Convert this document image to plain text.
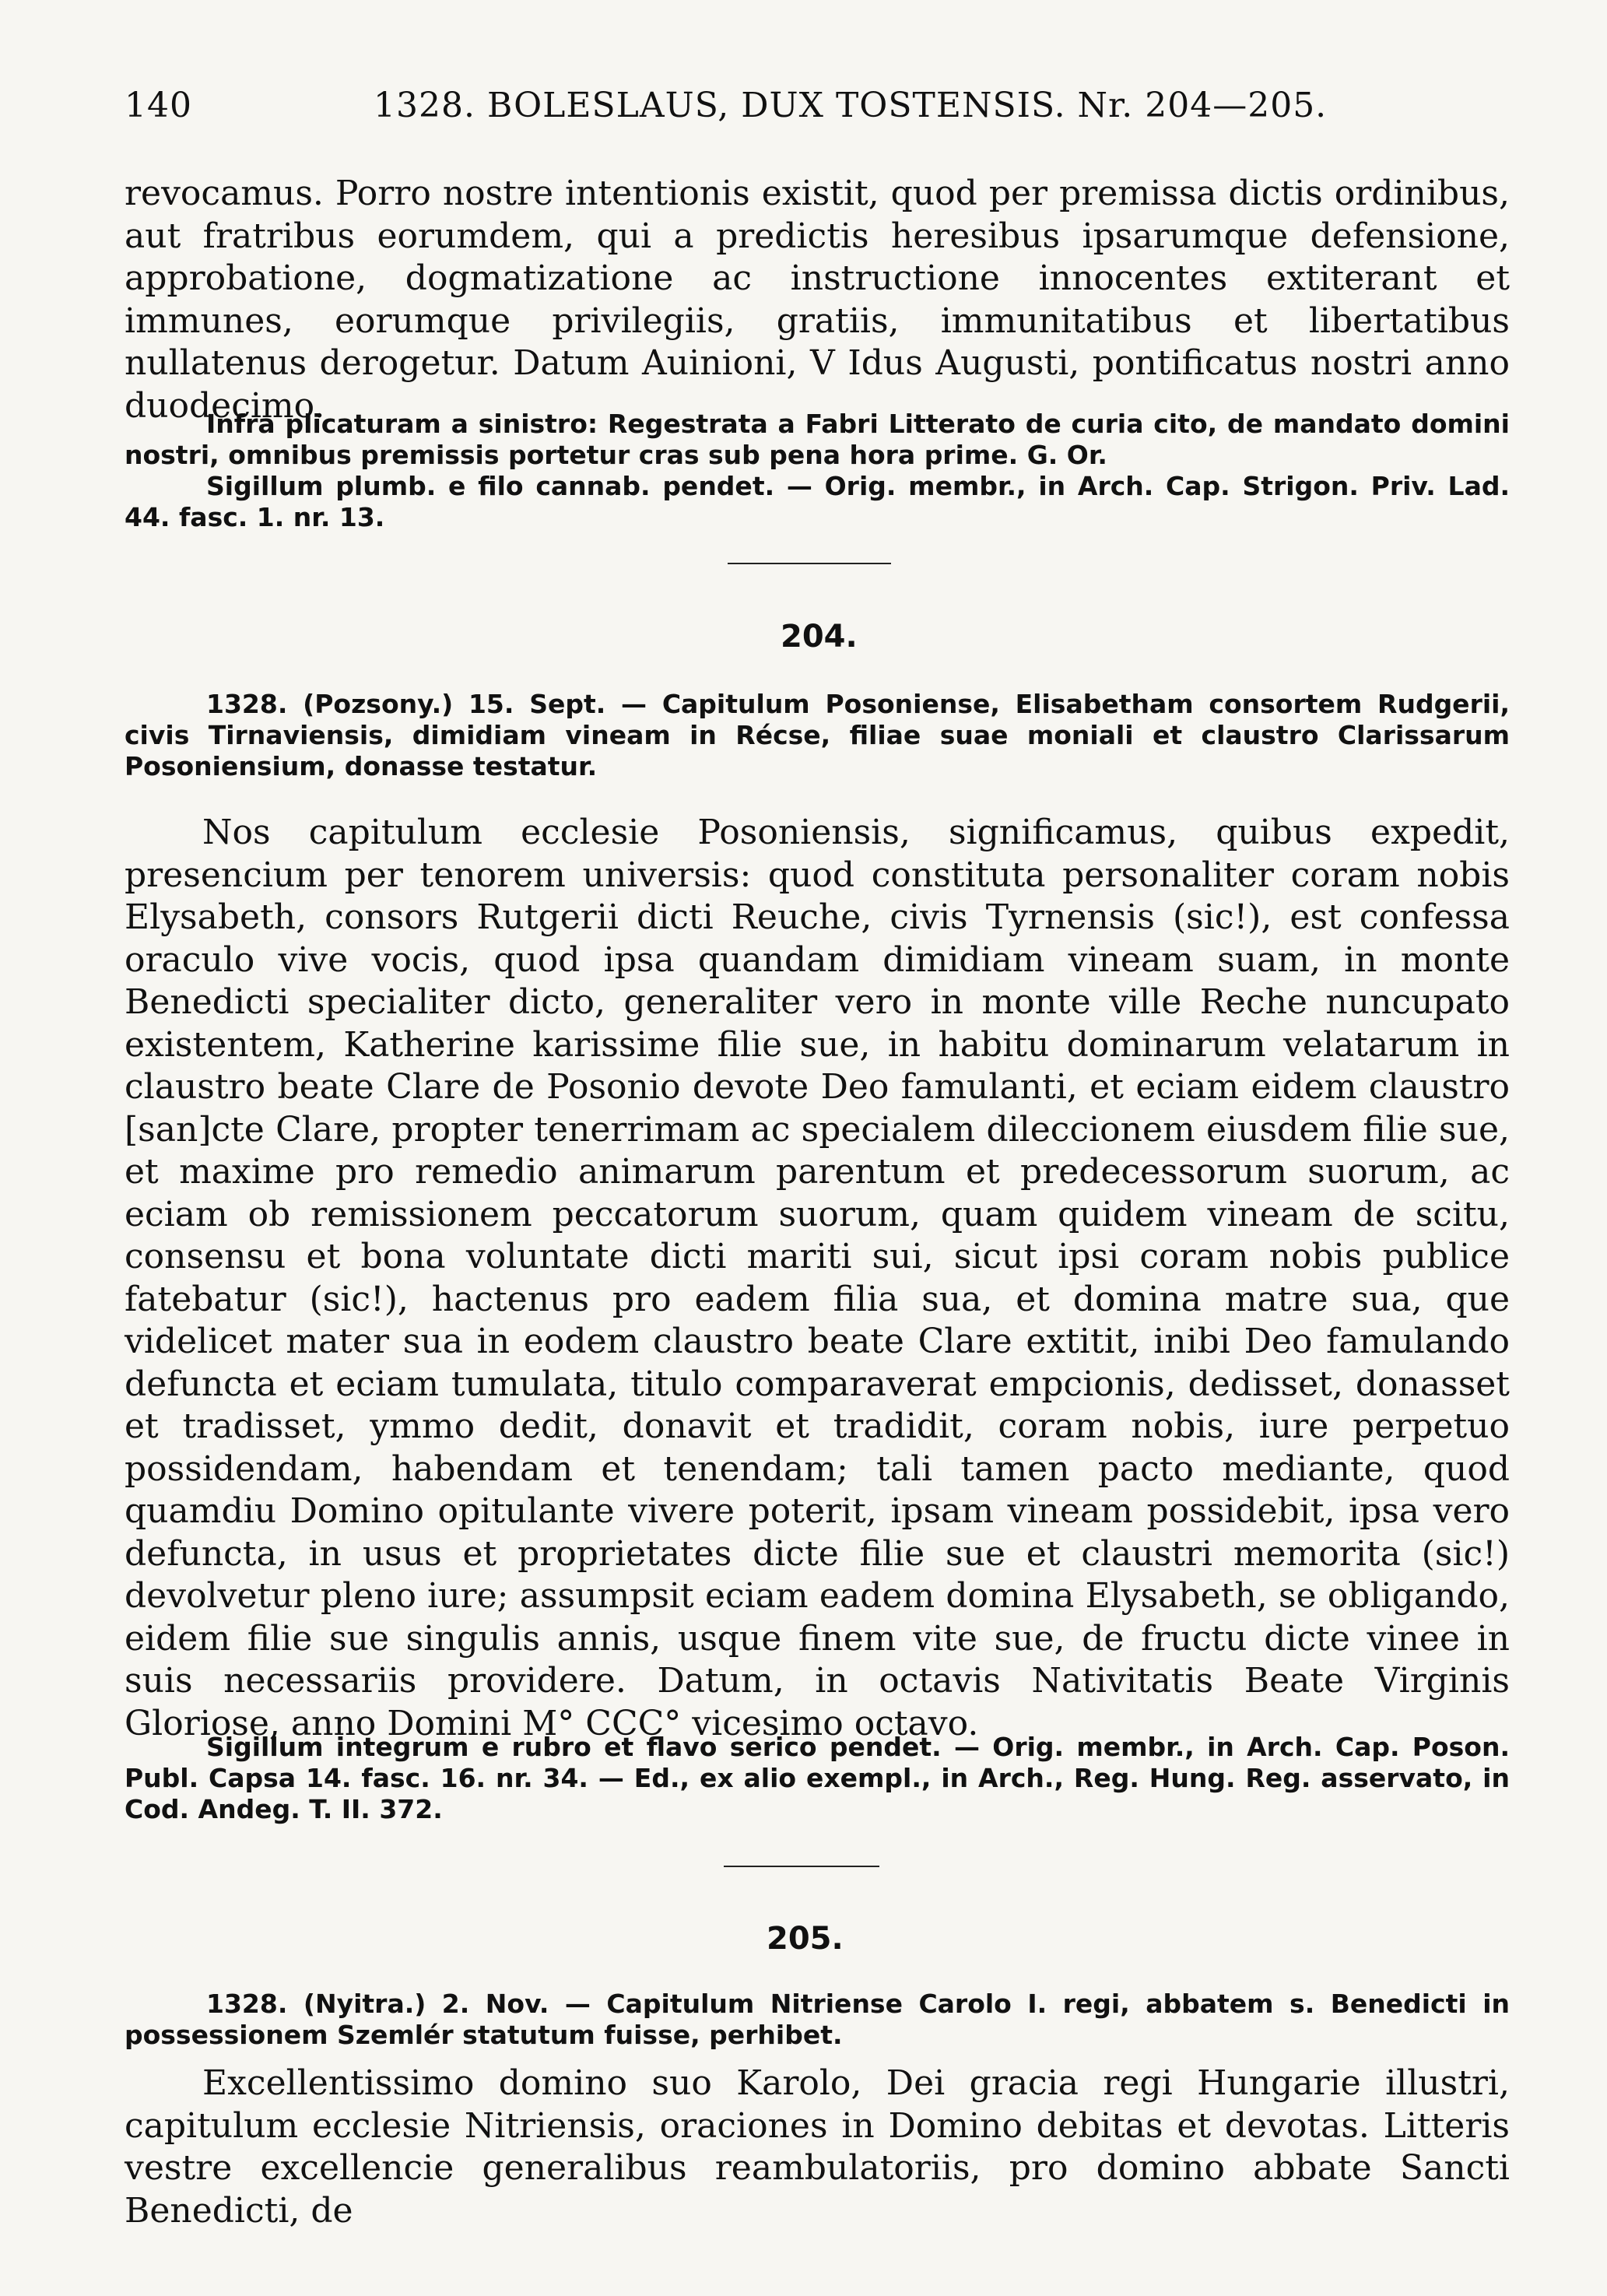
140	1328. BOLESLAUS, DUX TOSTENSIS. Nr. 204—205.

revocamus. Porro nostre intentionis existit, quod per premissa dictis ordinibus, aut fratribus eorumdem, qui a predictis heresibus ipsarumque defensione, approbatione, dogmatizatione ac instructione innocentes extiterant et immunes, eorumque privilegiis, gratiis, immunitatibus et libertatibus nullatenus derogetur. Datum Auinioni, V Idus Augusti, pontificatus nostri anno duodecimo.

Infra plicaturam a sinistro: Regestrata a Fabri Litterato de curia cito, de mandato domini nostri, omnibus premissis portetur cras sub pena hora prime. G. Or.

Sigillum plumb. e filo cannab. pendet. — Orig. membr., in Arch. Cap. Strigon. Priv. Lad. 44. fasc. 1. nr. 13.

204.

1328. (Pozsony.) 15. Sept. — Capitulum Posoniense, Elisabetham consortem Rudgerii, civis Tirnaviensis, dimidiam vineam in Récse, filiae suae moniali et claustro Clarissarum Posoniensium, donasse testatur.

Nos capitulum ecclesie Posoniensis, significamus, quibus expedit, presencium per tenorem universis: quod constituta personaliter coram nobis Elysabeth, consors Rutgerii dicti Reuche, civis Tyrnensis (sic!), est confessa oraculo vive vocis, quod ipsa quandam dimidiam vineam suam, in monte Benedicti specialiter dicto, generaliter vero in monte ville Reche nuncupato existentem, Katherine karissime filie sue, in habitu dominarum velatarum in claustro beate Clare de Posonio devote Deo famulanti, et eciam eidem claustro [san]cte Clare, propter tenerrimam ac specialem dileccionem eiusdem filie sue, et maxime pro remedio animarum parentum et predecessorum suorum, ac eciam ob remissionem peccatorum suorum, quam quidem vineam de scitu, consensu et bona voluntate dicti mariti sui, sicut ipsi coram nobis publice fatebatur (sic!), hactenus pro eadem filia sua, et domina matre sua, que videlicet mater sua in eodem claustro beate Clare extitit, inibi Deo famulando defuncta et eciam tumulata, titulo comparaverat empcionis, dedisset, donasset et tradisset, ymmo dedit, donavit et tradidit, coram nobis, iure perpetuo possidendam, habendam et tenendam; tali tamen pacto mediante, quod quamdiu Domino opitulante vivere poterit, ipsam vineam possidebit, ipsa vero defuncta, in usus et proprietates dicte filie sue et claustri memorita (sic!) devolvetur pleno iure; assumpsit eciam eadem domina Elysabeth, se obligando, eidem filie sue singulis annis, usque finem vite sue, de fructu dicte vinee in suis necessariis providere. Datum, in octavis Nativitatis Beate Virginis Gloriose, anno Domini M° CCC° vicesimo octavo.

Sigillum integrum e rubro et flavo serico pendet. — Orig. membr., in Arch. Cap. Poson. Publ. Capsa 14. fasc. 16. nr. 34. — Ed., ex alio exempl., in Arch., Reg. Hung. Reg. asservato, in Cod. Andeg. T. II. 372.

205.

1328. (Nyitra.) 2. Nov. — Capitulum Nitriense Carolo I. regi, abbatem s. Benedicti in possessionem Szemlér statutum fuisse, perhibet.

Excellentissimo domino suo Karolo, Dei gracia regi Hungarie illustri, capitulum ecclesie Nitriensis, oraciones in Domino debitas et devotas. Litteris vestre excellencie generalibus reambulatoriis, pro domino abbate Sancti Benedicti, de
